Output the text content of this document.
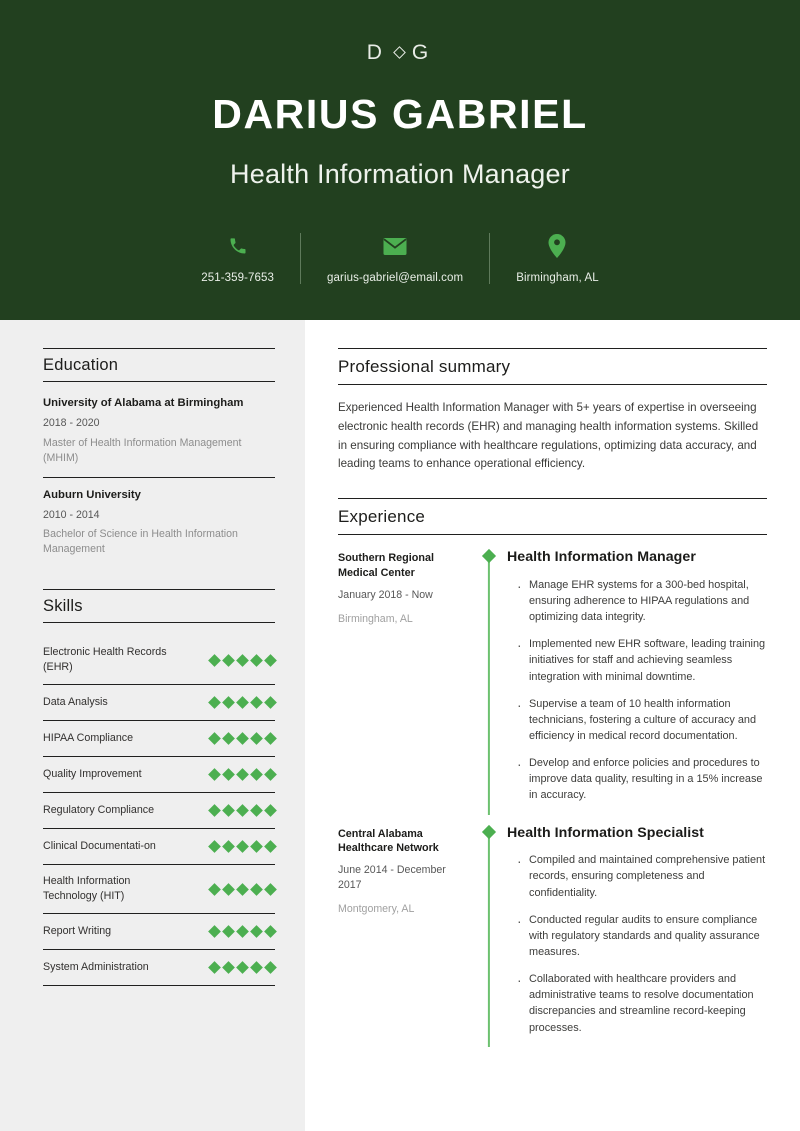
D G
DARIUS GABRIEL
Health Information Manager
251-359-7653	garius-gabriel@email.com	Birmingham, AL
Education
University of Alabama at Birmingham
2018 - 2020
Master of Health Information Management (MHIM)
Auburn University
2010 - 2014
Bachelor of Science in Health Information Management
Skills
Electronic Health Records (EHR)
Data Analysis
HIPAA Compliance
Quality Improvement
Regulatory Compliance
Clinical Documentati-on
Health Information Technology (HIT)
Report Writing
System Administration
Professional summary
Experienced Health Information Manager with 5+ years of expertise in overseeing electronic health records (EHR) and managing health information systems. Skilled in ensuring compliance with healthcare regulations, optimizing data accuracy, and leading teams to enhance operational efficiency.
Experience
Southern Regional Medical Center
January 2018 - Now
Birmingham, AL
Health Information Manager
· Manage EHR systems for a 300-bed hospital, ensuring adherence to HIPAA regulations and optimizing data integrity.
· Implemented new EHR software, leading training initiatives for staff and achieving seamless integration with minimal downtime.
· Supervise a team of 10 health information technicians, fostering a culture of accuracy and efficiency in medical record documentation.
· Develop and enforce policies and procedures to improve data quality, resulting in a 15% increase in accuracy.
Central Alabama Healthcare Network
June 2014 - December 2017
Montgomery, AL
Health Information Specialist
· Compiled and maintained comprehensive patient records, ensuring completeness and confidentiality.
· Conducted regular audits to ensure compliance with regulatory standards and quality assurance measures.
· Collaborated with healthcare providers and administrative teams to resolve documentation discrepancies and streamline record-keeping processes.
